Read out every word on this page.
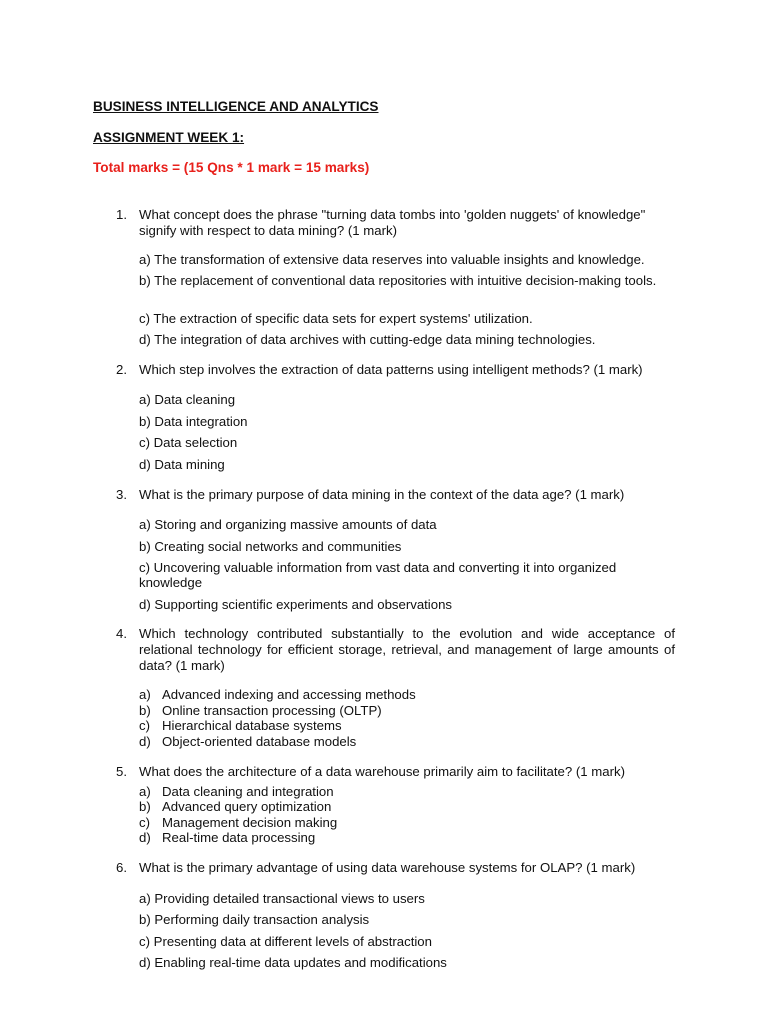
BUSINESS INTELLIGENCE AND ANALYTICS

ASSIGNMENT WEEK 1:

Total marks = (15 Qns * 1 mark = 15 marks)

1. What concept does the phrase "turning data tombs into 'golden nuggets' of knowledge" signify with respect to data mining? (1 mark)
a) The transformation of extensive data reserves into valuable insights and knowledge.
b) The replacement of conventional data repositories with intuitive decision-making tools.
c) The extraction of specific data sets for expert systems' utilization.
d) The integration of data archives with cutting-edge data mining technologies.
2. Which step involves the extraction of data patterns using intelligent methods? (1 mark)
a) Data cleaning
b) Data integration
c) Data selection
d) Data mining
3. What is the primary purpose of data mining in the context of the data age? (1 mark)
a) Storing and organizing massive amounts of data
b) Creating social networks and communities
c) Uncovering valuable information from vast data and converting it into organized knowledge
d) Supporting scientific experiments and observations
4. Which technology contributed substantially to the evolution and wide acceptance of relational technology for efficient storage, retrieval, and management of large amounts of data? (1 mark)
a) Advanced indexing and accessing methods
b) Online transaction processing (OLTP)
c) Hierarchical database systems
d) Object-oriented database models
5. What does the architecture of a data warehouse primarily aim to facilitate? (1 mark)
a) Data cleaning and integration
b) Advanced query optimization
c) Management decision making
d) Real-time data processing
6. What is the primary advantage of using data warehouse systems for OLAP? (1 mark)
a) Providing detailed transactional views to users
b) Performing daily transaction analysis
c) Presenting data at different levels of abstraction
d) Enabling real-time data updates and modifications
